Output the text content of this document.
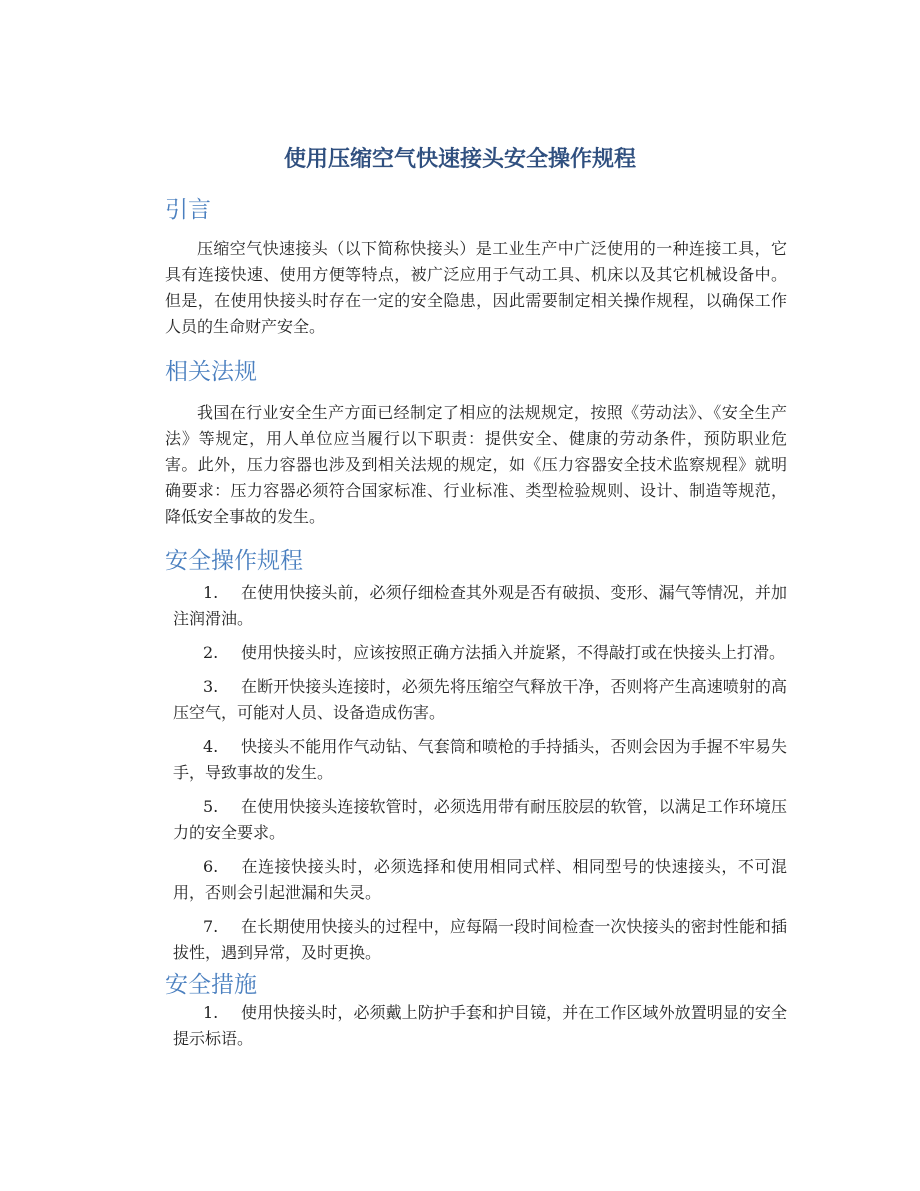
使用压缩空气快速接头安全操作规程
引言

压缩空气快速接头（以下简称快接头）是工业生产中广泛使用的一种连接工具，它具有连接快速、使用方便等特点，被广泛应用于气动工具、机床以及其它机械设备中。但是，在使用快接头时存在一定的安全隐患，因此需要制定相关操作规程，以确保工作人员的生命财产安全。

相关法规

我国在行业安全生产方面已经制定了相应的法规规定，按照《劳动法》、《安全生产法》等规定，用人单位应当履行以下职责：提供安全、健康的劳动条件，预防职业危害。此外，压力容器也涉及到相关法规的规定，如《压力容器安全技术监察规程》就明确要求：压力容器必须符合国家标准、行业标准、类型检验规则、设计、制造等规范，降低安全事故的发生。

安全操作规程
1. 在使用快接头前，必须仔细检查其外观是否有破损、变形、漏气等情况，并加注润滑油。
2. 使用快接头时，应该按照正确方法插入并旋紧，不得敲打或在快接头上打滑。
3. 在断开快接头连接时，必须先将压缩空气释放干净，否则将产生高速喷射的高压空气，可能对人员、设备造成伤害。
4. 快接头不能用作气动钻、气套筒和喷枪的手持插头，否则会因为手握不牢易失手，导致事故的发生。
5. 在使用快接头连接软管时，必须选用带有耐压胶层的软管，以满足工作环境压力的安全要求。
6. 在连接快接头时，必须选择和使用相同式样、相同型号的快速接头，不可混用，否则会引起泄漏和失灵。
7. 在长期使用快接头的过程中，应每隔一段时间检查一次快接头的密封性能和插拔性，遇到异常，及时更换。
安全措施
1. 使用快接头时，必须戴上防护手套和护目镜，并在工作区域外放置明显的安全提示标语。
